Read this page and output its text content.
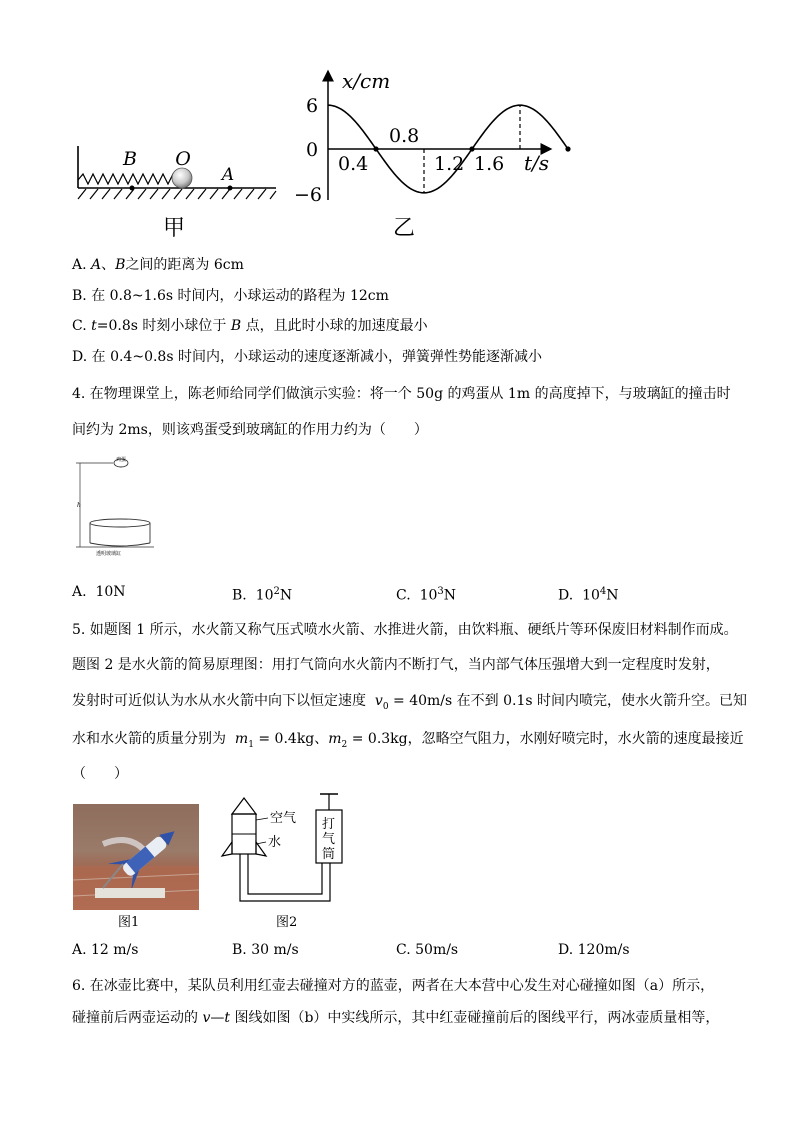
B O
A
甲
x/cm
6
0
−6
0.4
0.8
1.2 1.6 t/s
乙
A. A、B之间的距离为 6cm
B. 在 0.8~1.6s 时间内，小球运动的路程为 12cm
C. t=0.8s 时刻小球位于 B 点，且此时小球的加速度最小
D. 在 0.4~0.8s 时间内，小球运动的速度逐渐减小，弹簧弹性势能逐渐减小
4. 在物理课堂上，陈老师给同学们做演示实验：将一个 50g 的鸡蛋从 1m 的高度掉下，与玻璃缸的撞击时
间约为 2ms，则该鸡蛋受到玻璃缸的作用力约为（　　）
鸡蛋
h
透明玻璃缸
A. 10N	B. $10^2N$	C. $10^3N$	D. $10^4N$
5. 如题图 1 所示，水火箭又称气压式喷水火箭、水推进火箭，由饮料瓶、硬纸片等环保废旧材料制作而成。
题图 2 是水火箭的简易原理图：用打气筒向水火箭内不断打气，当内部气体压强增大到一定程度时发射，
发射时可近似认为水从水火箭中向下以恒定速度 $v_0 = 40m/s$ 在不到 0.1s 时间内喷完，使水火箭升空。已知
水和水火箭的质量分别为 $m_1 = 0.4kg$、$m_2 = 0.3kg$，忽略空气阻力，水刚好喷完时，水火箭的速度最接近
（　　）
图1
空气
水
打
气
筒
图2
A. 12 m/s	B. 30 m/s	C. 50m/s	D. 120m/s
6. 在冰壶比赛中，某队员利用红壶去碰撞对方的蓝壶，两者在大本营中心发生对心碰撞如图（a）所示，
碰撞前后两壶运动的 v—t 图线如图（b）中实线所示，其中红壶碰撞前后的图线平行，两冰壶质量相等，
